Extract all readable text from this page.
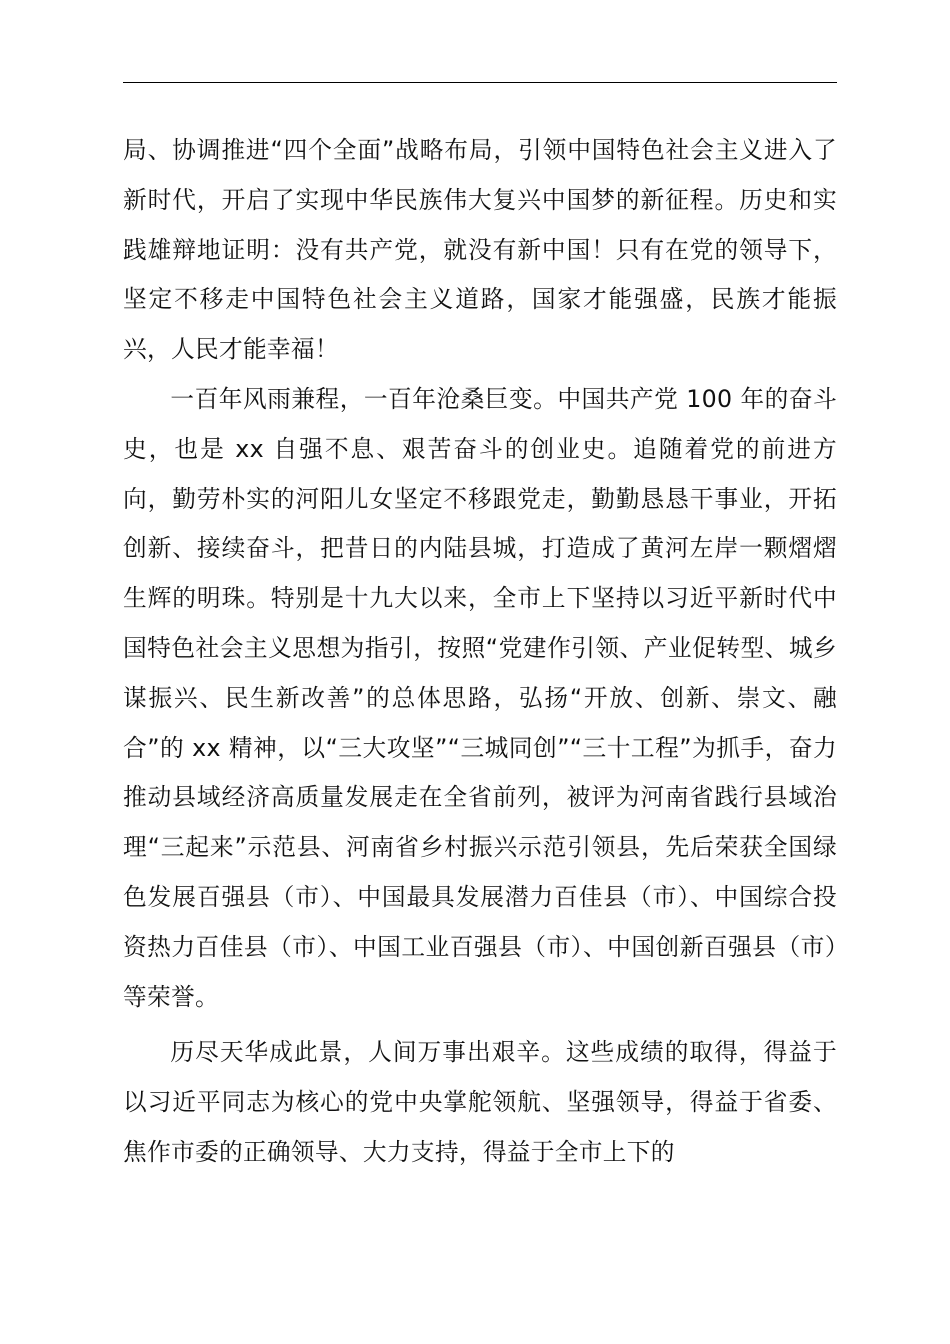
局、协调推进“四个全面”战略布局，引领中国特色社会主义进入了新时代，开启了实现中华民族伟大复兴中国梦的新征程。历史和实践雄辩地证明：没有共产党，就没有新中国！只有在党的领导下，坚定不移走中国特色社会主义道路，国家才能强盛，民族才能振兴，人民才能幸福！

一百年风雨兼程，一百年沧桑巨变。中国共产党 100 年的奋斗史，也是 xx 自强不息、艰苦奋斗的创业史。追随着党的前进方向，勤劳朴实的河阳儿女坚定不移跟党走，勤勤恳恳干事业，开拓创新、接续奋斗，把昔日的内陆县城，打造成了黄河左岸一颗熠熠生辉的明珠。特别是十九大以来，全市上下坚持以习近平新时代中国特色社会主义思想为指引，按照“党建作引领、产业促转型、城乡谋振兴、民生新改善”的总体思路，弘扬“开放、创新、崇文、融合”的 xx 精神，以“三大攻坚”“三城同创”“三十工程”为抓手，奋力推动县域经济高质量发展走在全省前列，被评为河南省践行县域治理“三起来”示范县、河南省乡村振兴示范引领县，先后荣获全国绿色发展百强县（市）、中国最具发展潜力百佳县（市）、中国综合投资热力百佳县（市）、中国工业百强县（市）、中国创新百强县（市）等荣誉。

历尽天华成此景，人间万事出艰辛。这些成绩的取得，得益于以习近平同志为核心的党中央掌舵领航、坚强领导，得益于省委、焦作市委的正确领导、大力支持，得益于全市上下的
